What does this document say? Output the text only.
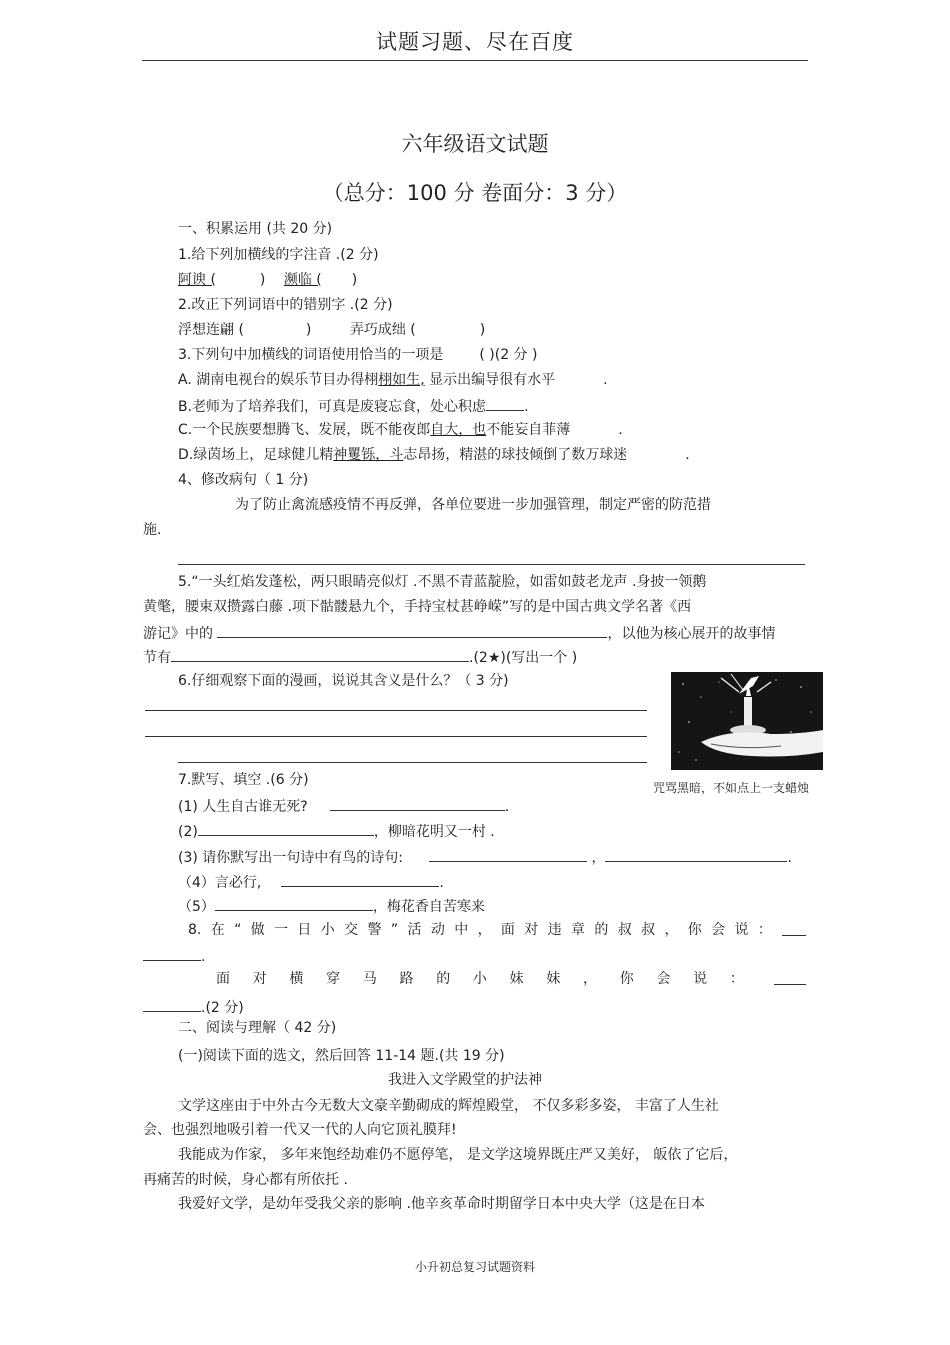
试题习题、尽在百度
六年级语文试题
（总分：100 分 卷面分：3 分）
一、积累运用 (共 20 分)
1.给下列加横线的字注音 .(2 分)
阿谀 (	) 濒临 ( )
2.改正下列词语中的错别字 .(2 分)
浮想连翩 (	)	弄巧成绌 (	)
3.下列句中加横线的词语使用恰当的一项是	( )(2 分 )
A. 湖南电视台的娱乐节目办得栩栩如生, 显示出编导很有水平	.
B.老师为了培养我们，可真是废寝忘食，处心积虑	.
C.一个民族要想腾飞、发展，既不能夜郎自大，也不能妄自菲薄	.
D.绿茵场上，足球健儿精神矍铄，斗志昂扬，精湛的球技倾倒了数万球迷	.
4、修改病句（ 1 分)
为了防止禽流感疫情不再反弹，各单位要进一步加强管理，制定严密的防范措
施.
5.“一头红焰发蓬松，两只眼睛亮似灯 .不黑不青蓝靛脸，如雷如鼓老龙声 .身披一领鹅
黄氅，腰束双攒露白藤 .项下骷髅悬九个，手持宝杖甚峥嵘”写的是中国古典文学名著《西
游记》中的	，以他为核心展开的故事情
节有	.(2★)(写出一个 )
6.仔细观察下面的漫画，说说其含义是什么？（ 3 分)
咒骂黑暗，不如点上一支蜡烛
7.默写、填空 .(6 分)
(1) 人生自古谁无死?	.
(2)	，柳暗花明又一村 .
(3) 请你默写出一句诗中有鸟的诗句:	，	.
（4）言必行,	.
（5）	，梅花香自苦寒来
8. 在 “ 做 一 日 小 交 警 ” 活 动 中 ， 面 对 违 章 的 叔 叔 ， 你 会 说 ：
.
面 对 横 穿 马 路 的 小 妹 妹 ， 你 会 说 ：
.(2 分)
二、阅读与理解（ 42 分)
(一)阅读下面的选文，然后回答 11-14 题.(共 19 分)
我进入文学殿堂的护法神
文学这座由于中外古今无数大文豪辛勤砌成的辉煌殿堂， 不仅多彩多姿， 丰富了人生社
会、也强烈地吸引着一代又一代的人向它顶礼膜拜!
我能成为作家， 多年来饱经劫难仍不愿停笔， 是文学这境界既庄严又美好， 皈依了它后，
再痛苦的时候，身心都有所依托 .
我爱好文学，是幼年受我父亲的影响 .他辛亥革命时期留学日本中央大学（这是在日本
小升初总复习试题资料
